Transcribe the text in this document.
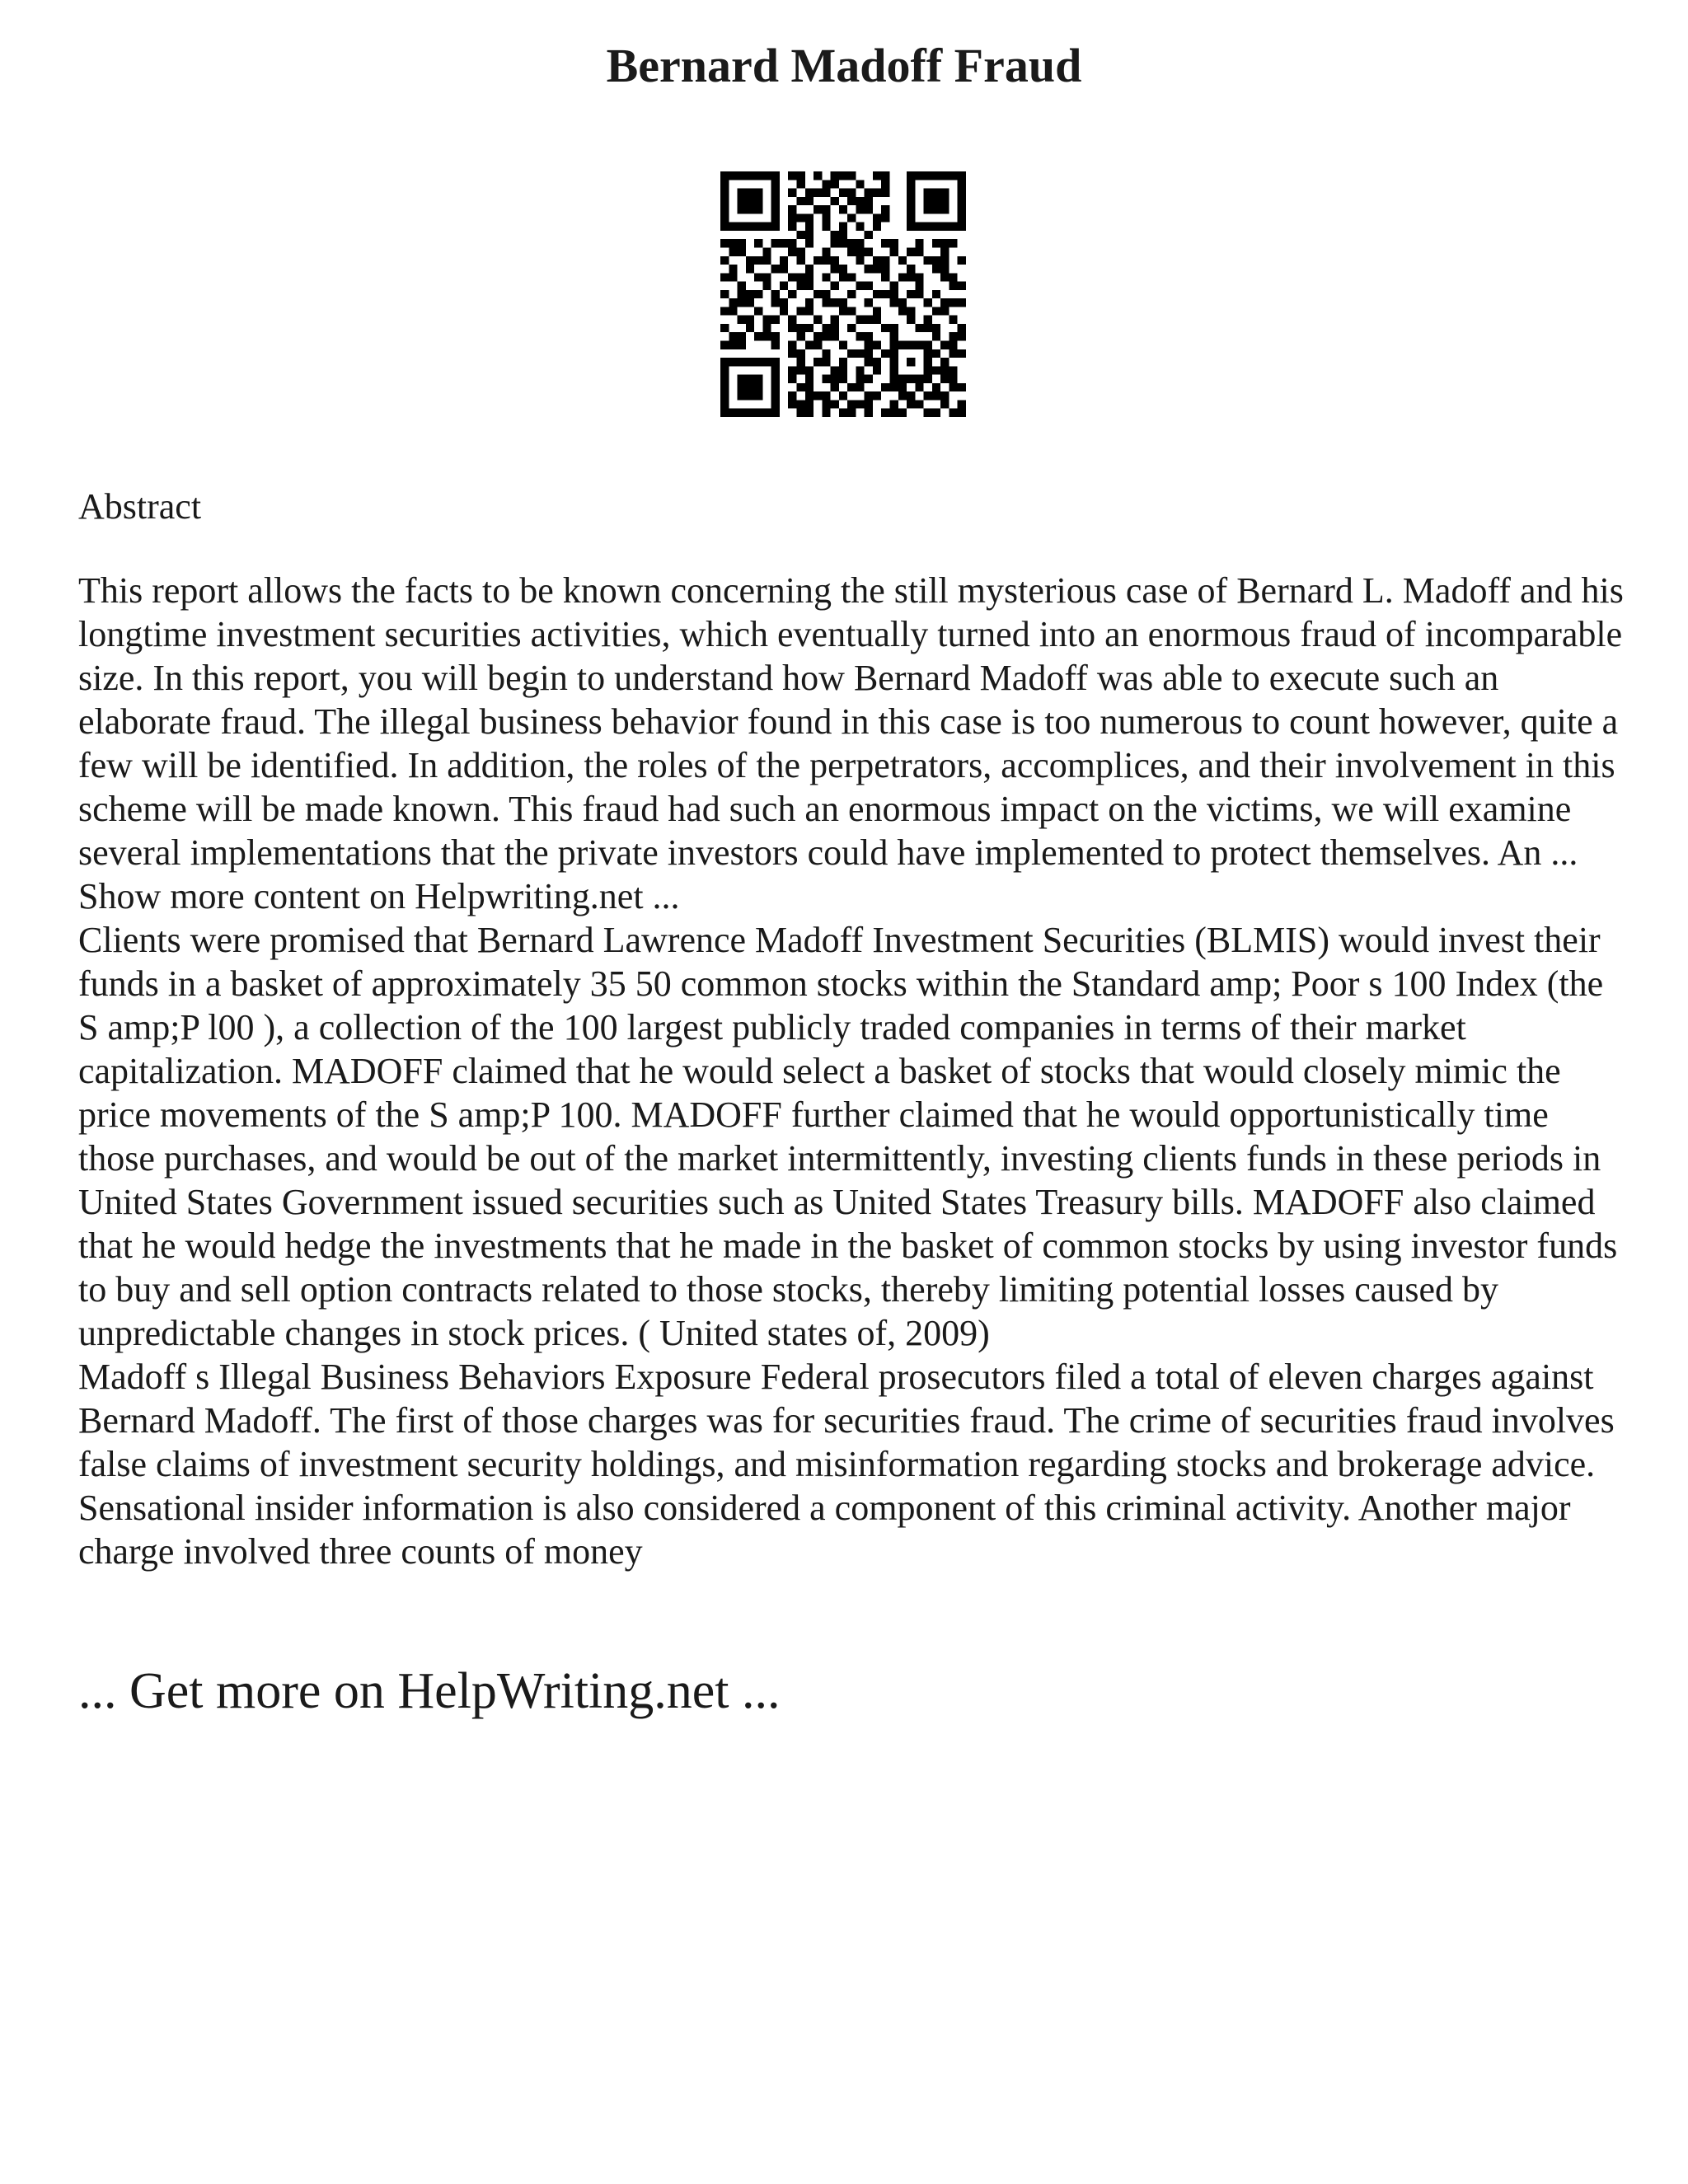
Bernard Madoff Fraud
Abstract

This report allows the facts to be known concerning the still mysterious case of Bernard L. Madoff and his longtime investment securities activities, which eventually turned into an enormous fraud of incomparable size. In this report, you will begin to understand how Bernard Madoff was able to execute such an elaborate fraud. The illegal business behavior found in this case is too numerous to count however, quite a few will be identified. In addition, the roles of the perpetrators, accomplices, and their involvement in this scheme will be made known. This fraud had such an enormous impact on the victims, we will examine several implementations that the private investors could have implemented to protect themselves. An ... Show more content on Helpwriting.net ...

Clients were promised that Bernard Lawrence Madoff Investment Securities (BLMIS) would invest their funds in a basket of approximately 35 50 common stocks within the Standard amp; Poor s 100 Index (the S amp;P l00 ), a collection of the 100 largest publicly traded companies in terms of their market capitalization. MADOFF claimed that he would select a basket of stocks that would closely mimic the price movements of the S amp;P 100. MADOFF further claimed that he would opportunistically time those purchases, and would be out of the market intermittently, investing clients funds in these periods in United States Government issued securities such as United States Treasury bills. MADOFF also claimed that he would hedge the investments that he made in the basket of common stocks by using investor funds to buy and sell option contracts related to those stocks, thereby limiting potential losses caused by unpredictable changes in stock prices. ( United states of, 2009)

Madoff s Illegal Business Behaviors Exposure Federal prosecutors filed a total of eleven charges against Bernard Madoff. The first of those charges was for securities fraud. The crime of securities fraud involves false claims of investment security holdings, and misinformation regarding stocks and brokerage advice. Sensational insider information is also considered a component of this criminal activity. Another major charge involved three counts of money

... Get more on HelpWriting.net ...
